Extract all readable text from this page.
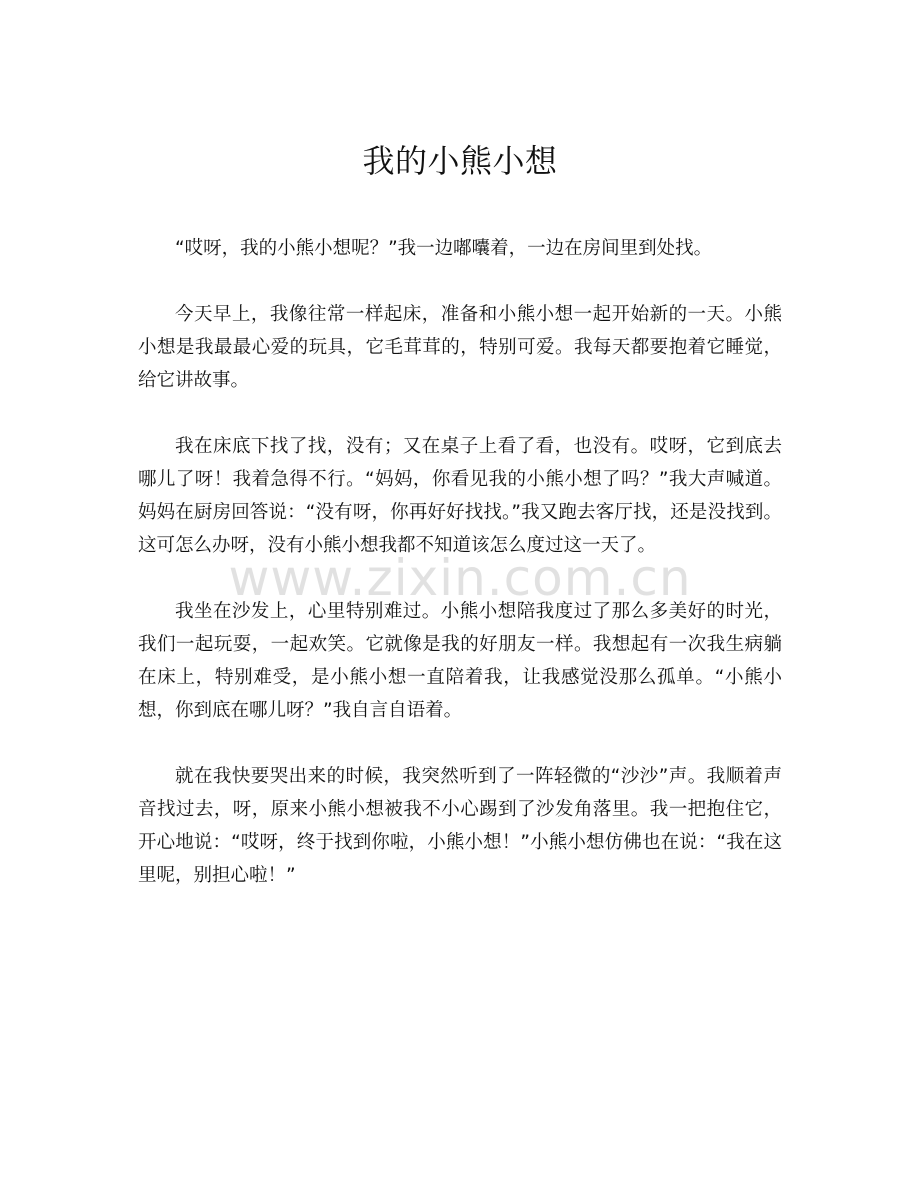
我的小熊小想

“哎呀，我的小熊小想呢？”我一边嘟囔着，一边在房间里到处找。

今天早上，我像往常一样起床，准备和小熊小想一起开始新的一天。小熊小想是我最最心爱的玩具，它毛茸茸的，特别可爱。我每天都要抱着它睡觉，给它讲故事。

我在床底下找了找，没有；又在桌子上看了看，也没有。哎呀，它到底去哪儿了呀！我着急得不行。“妈妈，你看见我的小熊小想了吗？”我大声喊道。妈妈在厨房回答说：“没有呀，你再好好找找。”我又跑去客厅找，还是没找到。这可怎么办呀，没有小熊小想我都不知道该怎么度过这一天了。

我坐在沙发上，心里特别难过。小熊小想陪我度过了那么多美好的时光，我们一起玩耍，一起欢笑。它就像是我的好朋友一样。我想起有一次我生病躺在床上，特别难受，是小熊小想一直陪着我，让我感觉没那么孤单。“小熊小想，你到底在哪儿呀？”我自言自语着。

就在我快要哭出来的时候，我突然听到了一阵轻微的“沙沙”声。我顺着声音找过去，呀，原来小熊小想被我不小心踢到了沙发角落里。我一把抱住它，开心地说：“哎呀，终于找到你啦，小熊小想！”小熊小想仿佛也在说：“我在这里呢，别担心啦！”

www.zixin.com.cn
